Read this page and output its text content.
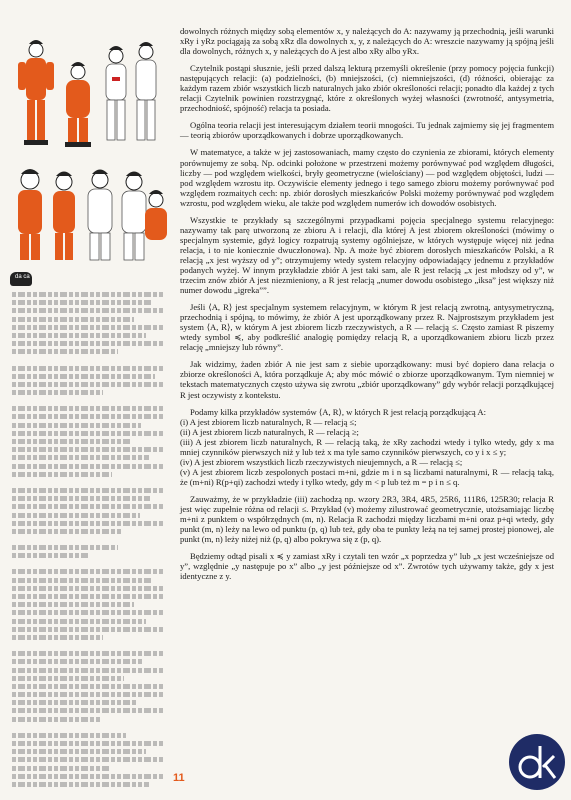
da ca

dowolnych różnych między sobą elementów x, y należących do A: nazywamy ją przechodnią, jeśli warunki xRy i yRz pociągają za sobą xRz dla dowolnych x, y, z należących do A: wreszcie nazywamy ją spójną jeśli dla dowolnych, różnych x, y należących do A jest albo xRy albo yRx.

Czytelnik postąpi słusznie, jeśli przed dalszą lekturą przemyśli określenie (przy pomocy pojęcia funkcji) następujących relacji: (a) podzielności, (b) mniejszości, (c) niemniejszości, (d) różności, obierając za każdym razem zbiór wszystkich liczb naturalnych jako zbiór określoności relacji; ponadto dla każdej z tych relacji Czytelnik powinien rozstrzygnąć, które z określonych wyżej własności (zwrotność, antysymetria, przechodniość, spójność) relacja ta posiada.

Ogólna teoria relacji jest interesującym działem teorii mnogości. Tu jednak zajmiemy się jej fragmentem — teorią zbiorów uporządkowanych i dobrze uporządkowanych.

W matematyce, a także w jej zastosowaniach, mamy często do czynienia ze zbiorami, których elementy porównujemy ze sobą. Np. odcinki położone w przestrzeni możemy porównywać pod względem długości, liczby — pod względem wielkości, bryły geometryczne (wielościany) — pod względem objętości, ludzi — pod względem wzrostu itp. Oczywiście elementy jednego i tego samego zbioru możemy porównywać pod względem rozmaitych cech: np. zbiór dorosłych mieszkańców Polski możemy porównywać pod względem wzrostu, pod względem wieku, ale także pod względem numerów ich dowodów osobistych.

Wszystkie te przykłady są szczególnymi przypadkami pojęcia specjalnego systemu relacyjnego: nazywamy tak parę utworzoną ze zbioru A i relacji, dla której A jest zbiorem określoności (mówimy o specjalnym systemie, gdyż logicy rozpatrują systemy ogólniejsze, w których występuje więcej niż jedna relacja, i to nie koniecznie dwuczłonowa). Np. A może być zbiorem dorosłych mieszkańców Polski, a R relacją „x jest wyższy od y”; otrzymujemy wtedy system relacyjny odpowiadający jednemu z przykładów podanych wyżej. W innym przykładzie zbiór A jest taki sam, ale R jest relacją „x jest młodszy od y”, w trzecim znów zbiór A jest niezmieniony, a R jest relacją „numer dowodu osobistego „iksa” jest większy niż numer dowodu „igreka””.

Jeśli ⟨A, R⟩ jest specjalnym systemem relacyjnym, w którym R jest relacją zwrotną, antysymetryczną, przechodnią i spójną, to mówimy, że zbiór A jest uporządkowany przez R. Najprostszym przykładem jest system ⟨A, R⟩, w którym A jest zbiorem liczb rzeczywistych, a R — relacją ≤. Często zamiast R piszemy wtedy symbol ≼, aby podkreślić analogię pomiędzy relacją R, a uporządkowaniem zbioru liczb przez relację „mniejszy lub równy”.

Jak widzimy, żaden zbiór A nie jest sam z siebie uporządkowany: musi być dopiero dana relacja o zbiorze określoności A, która porządkuje A; aby móc mówić o zbiorze uporządkowanym. Tym niemniej w tekstach matematycznych często używa się zwrotu „zbiór uporządkowany” gdy wybór relacji porządkującej R jest oczywisty z kontekstu.

Podamy kilka przykładów systemów ⟨A, R⟩, w których R jest relacją porządkującą A:
(i) A jest zbiorem liczb naturalnych, R — relacją ≤;
(ii) A jest zbiorem liczb naturalnych, R — relacją ≥;
(iii) A jest zbiorem liczb naturalnych, R — relacją taką, że xRy zachodzi wtedy i tylko wtedy, gdy x ma mniej czynników pierwszych niż y lub też x ma tyle samo czynników pierwszych, co y i x ≤ y;
(iv) A jest zbiorem wszystkich liczb rzeczywistych nieujemnych, a R — relacją ≤;
(v) A jest zbiorem liczb zespolonych postaci m+ni, gdzie m i n są liczbami naturalnymi, R — relacją taką, że (m+ni) R(p+qi) zachodzi wtedy i tylko wtedy, gdy m < p lub też m = p i n ≤ q.

Zauważmy, że w przykładzie (iii) zachodzą np. wzory 2R3, 3R4, 4R5, 25R6, 111R6, 125R30; relacja R jest więc zupełnie różna od relacji ≤. Przykład (v) możemy zilustrować geometrycznie, utożsamiając liczbę m+ni z punktem o współrzędnych (m, n). Relacja R zachodzi między liczbami m+ni oraz p+qi wtedy, gdy punkt (m, n) leży na lewo od punktu (p, q) lub też, gdy oba te punkty leżą na tej samej prostej pionowej, ale punkt (m, n) leży niżej niż (p, q) albo pokrywa się z (p, q).

Będziemy odtąd pisali x ≼ y zamiast xRy i czytali ten wzór „x poprzedza y” lub „x jest wcześniejsze od y”, względnie „y następuje po x” albo „y jest późniejsze od x”. Zwrotów tych używamy także, gdy x jest identyczne z y.

11
